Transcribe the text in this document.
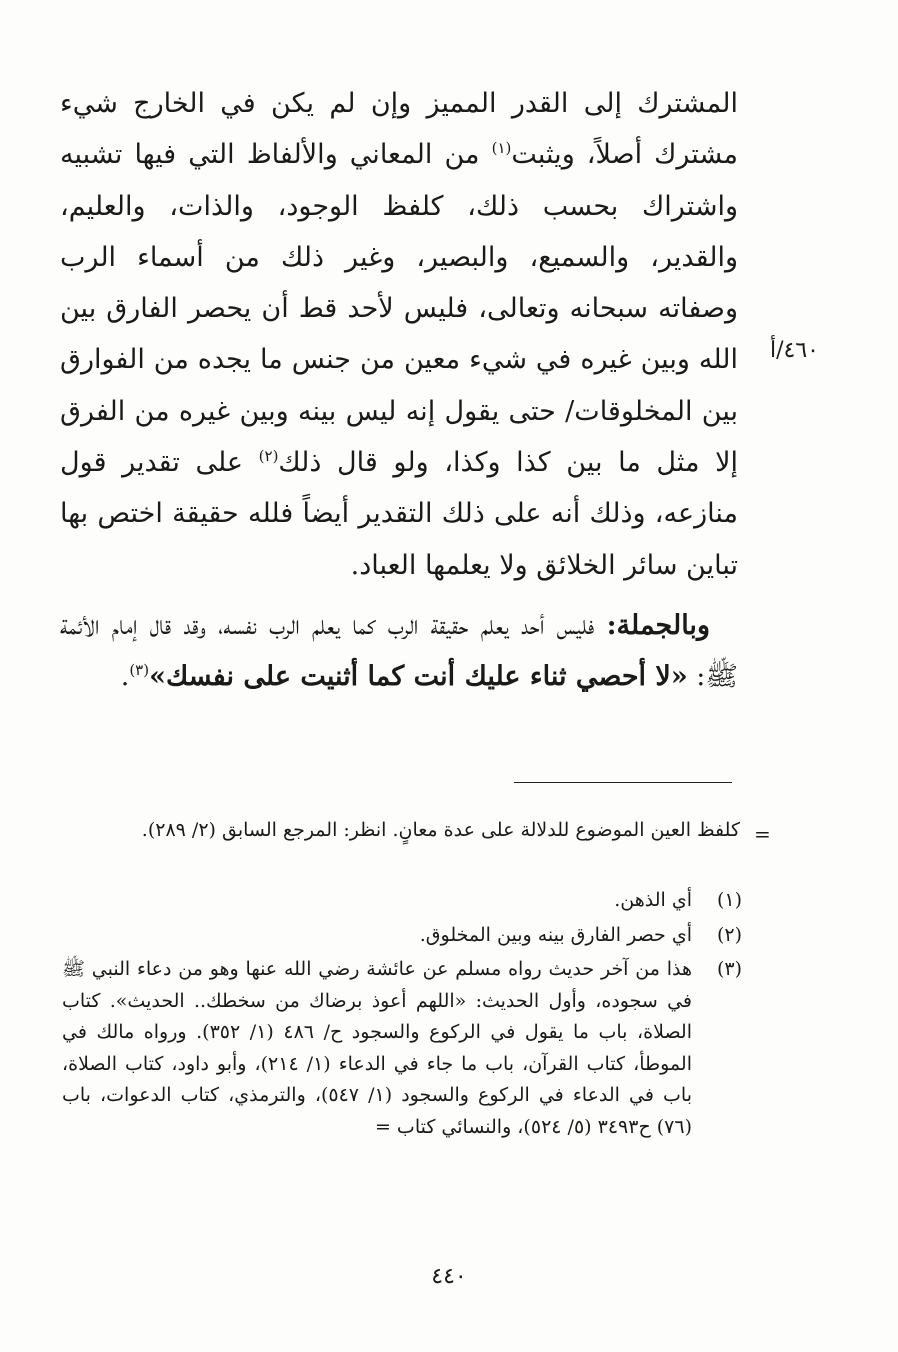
المشترك إلى القدر المميز وإن لم يكن في الخارج شيء مشترك أصلاً، ويثبت$^{(١)}$ من المعاني والألفاظ التي فيها تشبيه واشتراك بحسب ذلك، كلفظ الوجود، والذات، والعليم، والقدير، والسميع، والبصير، وغير ذلك من أسماء الرب وصفاته سبحانه وتعالى، فليس لأحد قط أن يحصر الفارق بين الله وبين غيره في شيء معين من جنس ما يجده من الفوارق بين المخلوقات/ حتى يقول إنه ليس بينه وبين غيره من الفرق إلا مثل ما بين كذا وكذا، ولو قال ذلك$^{(٢)}$ على تقدير قول منازعه، وذلك أنه على ذلك التقدير أيضاً فلله حقيقة اختص بها تباين سائر الخلائق ولا يعلمها العباد.

وبالجملة: فليس أحد يعلم حقيقة الرب كما يعلم الرب نفسه، وقد قال إمام الأئمة ﷺ: «لا أحصي ثناء عليك أنت كما أثنيت على نفسك»$^{(٣)}$.

٤٦٠/أ
=
كلفظ العين الموضوع للدلالة على عدة معانٍ. انظر: المرجع السابق (٢/ ٢٨٩).
(١)
أي الذهن.
(٢)
أي حصر الفارق بينه وبين المخلوق.
(٣)
هذا من آخر حديث رواه مسلم عن عائشة رضي الله عنها وهو من دعاء النبي ﷺ في سجوده، وأول الحديث: «اللهم أعوذ برضاك من سخطك.. الحديث». كتاب الصلاة، باب ما يقول في الركوع والسجود ح/ ٤٨٦ (١/ ٣٥٢). ورواه مالك في الموطأ، كتاب القرآن، باب ما جاء في الدعاء (١/ ٢١٤)، وأبو داود، كتاب الصلاة، باب في الدعاء في الركوع والسجود (١/ ٥٤٧)، والترمذي، كتاب الدعوات، باب (٧٦) ح٣٤٩٣ (٥/ ٥٢٤)، والنسائي كتاب =
٤٤٠
